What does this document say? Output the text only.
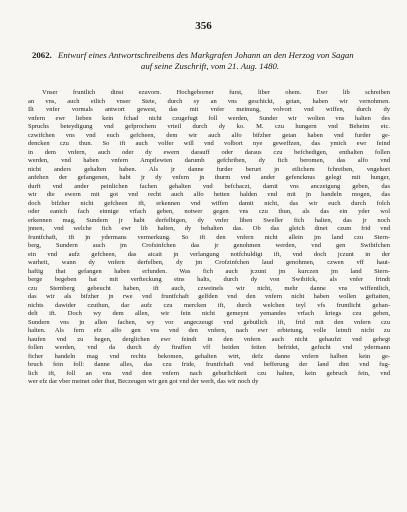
356
2062. Entwurf eines Antwortschreibens des Markgrafen Johann an den Herzog von Sagan
auf seine Zuschrift, vom 21. Aug. 1480.
Vnser fruntlich dinst ezuvorn. Hochgeborner furst, liber ohem. Ewr lib schreiben
an vns, auch etlich vnser Stete, durch sy an vns geschickt, getan, haben wir vernohmen.
Ilt vnfer vormals antwort gewest, das mit vnfer meinung, volvort vnd wiffen, durch dy
vnfern ewr lieben kein fchad nicht czugefugt foll werden, Sunder wir wolten vns halten des
Spruchs beteydigung vnd gefprochem vrteil durch dy ko. M. czu hungern vnd Beheim etc.
czwifchen vns vnd euch gefcheen, dem wir auch alfo bifzher getan haben vnd furder ge-
dencken czu thun. So ift auch volfer will vnd volbort nye geweffzen, das ymich ewr feind
in dem vnfern, auch oder dy ewern darauff oder daraus czu befchedigen, enthalten follen
werden, vnd haben vnfern Amptlewten darumb gefchriben, dy fich beromen, das alfo vnd
nicht anders gehalten haben. Als jr danne furder berurt jn etlichem fchreiben, vngehort
anfehen der gefangenen, habt jr dy vnfern jn thurm vnd ander gefencknus gelegt mit hunger,
durft vnd ander peinlichen fachen gehalten vnd befchaczt, damit vns anczeigung geben, das
wir die ewern mit got vnd recht auch alfo hetten halden vnd mit jn handeln mogen, das
doch bifzher nicht gefcheen ift, erkennen vnd wiffen damit nicht, das wir euch durch folch
oder eanich fach einnige vrfach geben, notwer gegen vns czu thun, als das ein yder wol
erkennen mag, Sundern jr habt derfelbigen, dy vnfer liben Sweller fich halten, das jr noch
jnnen, vnd welche fich ewr lib halten, dy behalten das. Ob das gleich dinet czum frid vnd
fruntfchaft, ift jn ydermans vermerkung. So ift den vnfern nicht allein jm land czu Stern-
berg, Sundern auch jm Crofsinfchen das jr genohmen werden, vnd gen Swibifchen
ein vnd aufz gefcheen, das aicait jn verlangung notfchuldigt ift, vnd doch jczunt in der
warheit, wann dy vnfern derfelben, dy jm Crofzinfchen laud genohmen, czwen vff haut-
haftig that gefangen haben erfunden. Was fich auch jczunt jm kurczen jm land Stern-
berge begeben hat mit verfteckung eins halts, durch dy von Swibifck, als vnfer frindt
czu Sternberg gebeucht haben, ift auch, czweinels wir nicht, mehr danne vns wiffentlich,
das wir als bifzher jn rwe vnd fruntfchaft gelfden vnd den vnfern nicht haben wollen geftatten,
nichts dawider czuthun, dar aufz czu mercken ift, durch welchen teyl vfs fruntlicht gehan-
delt ift. Doch wy dem allen, wir fein nicht gemeynt yemandes vrfach kriegs czu geben,
Sundern vns jn allen fachen, wy vor angeczeugt vnd gebutlich ift, frid mit den vnfern czu
halten. Als fern efz alfo gen vns vnd den vnfern, nach ewr erbietung, volle leimft nicht zu
haufen vnd zu hegen, derglichen ewr feindt in den vnfern auch nicht gehaufzt vnd gehegt
follen werden, vnd da durch dy ftraffen vff beiden feiten befridet, gefucht vnd ydermann
ficher handeln mag vnd rechts bekomen, gehalten wirt, defz danne vnfern halben kein ge-
bruch fein foll: danne alles, das czu fride, fruntfchaft vnd befferung der land dint vnd fug-
lich ift, foll an vns vnd den vnfern nach geburlichkeit czu halten, kein gebruch fein, vnd
wer efz dar vber meinet oder thut, Beczeugen wir gen got vnd der werlt, das wir noch dy
